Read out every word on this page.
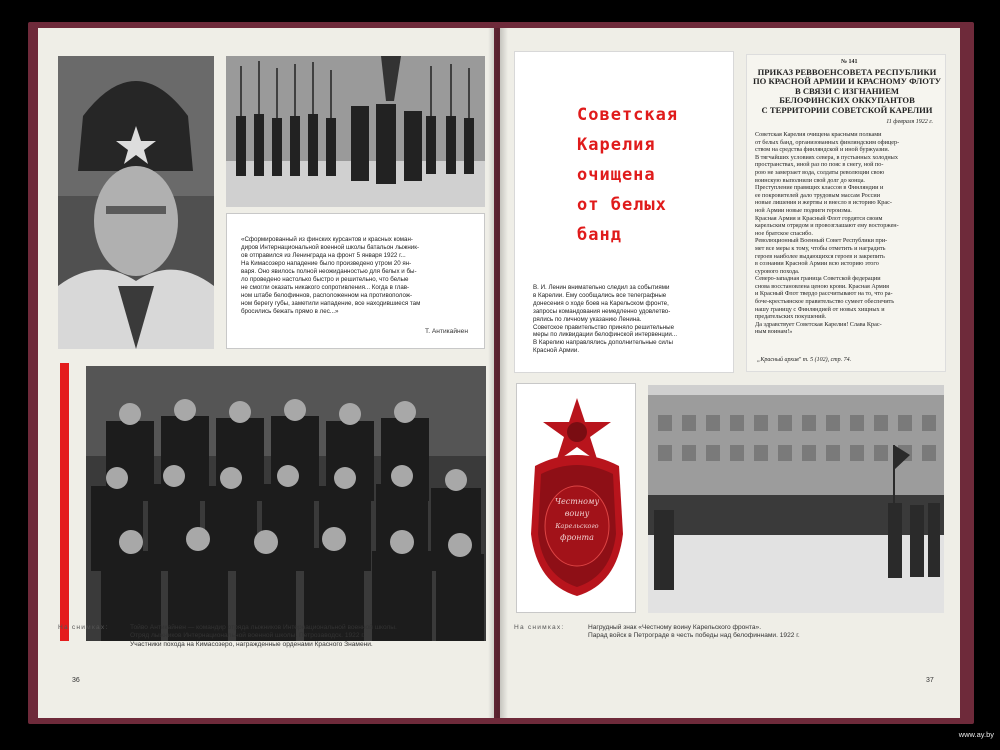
«Сформированный из финских курсантов и красных коман-
диров Интернациональной военной школы батальон лыжник-
ов отправился из Ленинграда на фронт 5 января 1922 г...
На Кимасозеро нападение было произведено утром 20 ян-
варя. Оно явилось полной неожиданностью для белых и бы-
ло проведено настолько быстро и решительно, что белые
не смогли оказать никакого сопротивления... Когда в глав-
ном штабе белофиннов, расположенном на противополож-
ном берегу губы, заметили нападение, все находившиеся там
бросились бежать прямо в лес...»
Т. Антикайнен
На снимках:	Тойво Антикайнен — командир отряда лыжников Интернациональной военной школы.
Отряд лыжников Интернациональной военной школы. Петрозаводск. 1922 г.
Участники похода на Кимасозеро, награжденные орденами Красного Знамени.
36
Советская
Карелия
очищена
от белых
банд
В. И. Ленин внимательно следил за событиями
в Карелии. Ему сообщались все телеграфные
донесения о ходе боев на Карельском фронте,
запросы командования немедленно удовлетво-
рялись по личному указанию Ленина.
Советское правительство приняло решительные
меры по ликвидации белофинской интервенции...
В Карелию направлялись дополнительные силы
Красной Армии.
№ 141
ПРИКАЗ РЕВВОЕНСОВЕТА РЕСПУБЛИКИ
ПО КРАСНОЙ АРМИИ И КРАСНОМУ ФЛОТУ
В СВЯЗИ С ИЗГНАНИЕМ
БЕЛОФИНСКИХ ОККУПАНТОВ
С ТЕРРИТОРИИ СОВЕТСКОЙ КАРЕЛИИ
11 февраля 1922 г.
Советская Карелия очищена красными полками
от белых банд, организованных финляндским офицер-
ством на средства финляндской и иной буржуазии.
В тягчайших условиях севера, в пустынных холодных
пространствах, иной раз по пояс в снегу, ной по-
рою не замерзает вода, солдаты революции свою
воинскую выполнили свой долг до конца.
Преступление правящих классов в Финляндии и
ее покровителей дало трудовым массам России
новые лишения и жертвы и внесло в историю Крас-
ной Армии новые подвиги героизма.
Красная Армия и Красный Флот гордятся своим
карельским отрядом и провозглашают ему восторжен-
ное братское спасибо.
Революционный Военный Совет Республики при-
мет все меры к тому, чтобы отметить и наградить
героев наиболее выдающихся героев и закрепить
в сознании Красной Армии всю историю этого
сурового похода.
Северо-западная граница Советской федерации
снова восстановлена ценою крови. Красная Армия
и Красный Флот твердо рассчитывают на то, что ра-
боче-крестьянское правительство сумеет обеспечить
нашу границу с Финляндией от новых хищных и
предательских покушений.
Да здравствует Советская Карелия! Слава Крас-
ным воинам!»
„Красный архив" т. 5 (102), стр. 74.
Честному
воину
Карельского
фронта
На снимках:	Нагрудный знак «Честному воину Карельского фронта».
Парад войск в Петрограде в честь победы над белофиннами. 1922 г.
37
www.ay.by
